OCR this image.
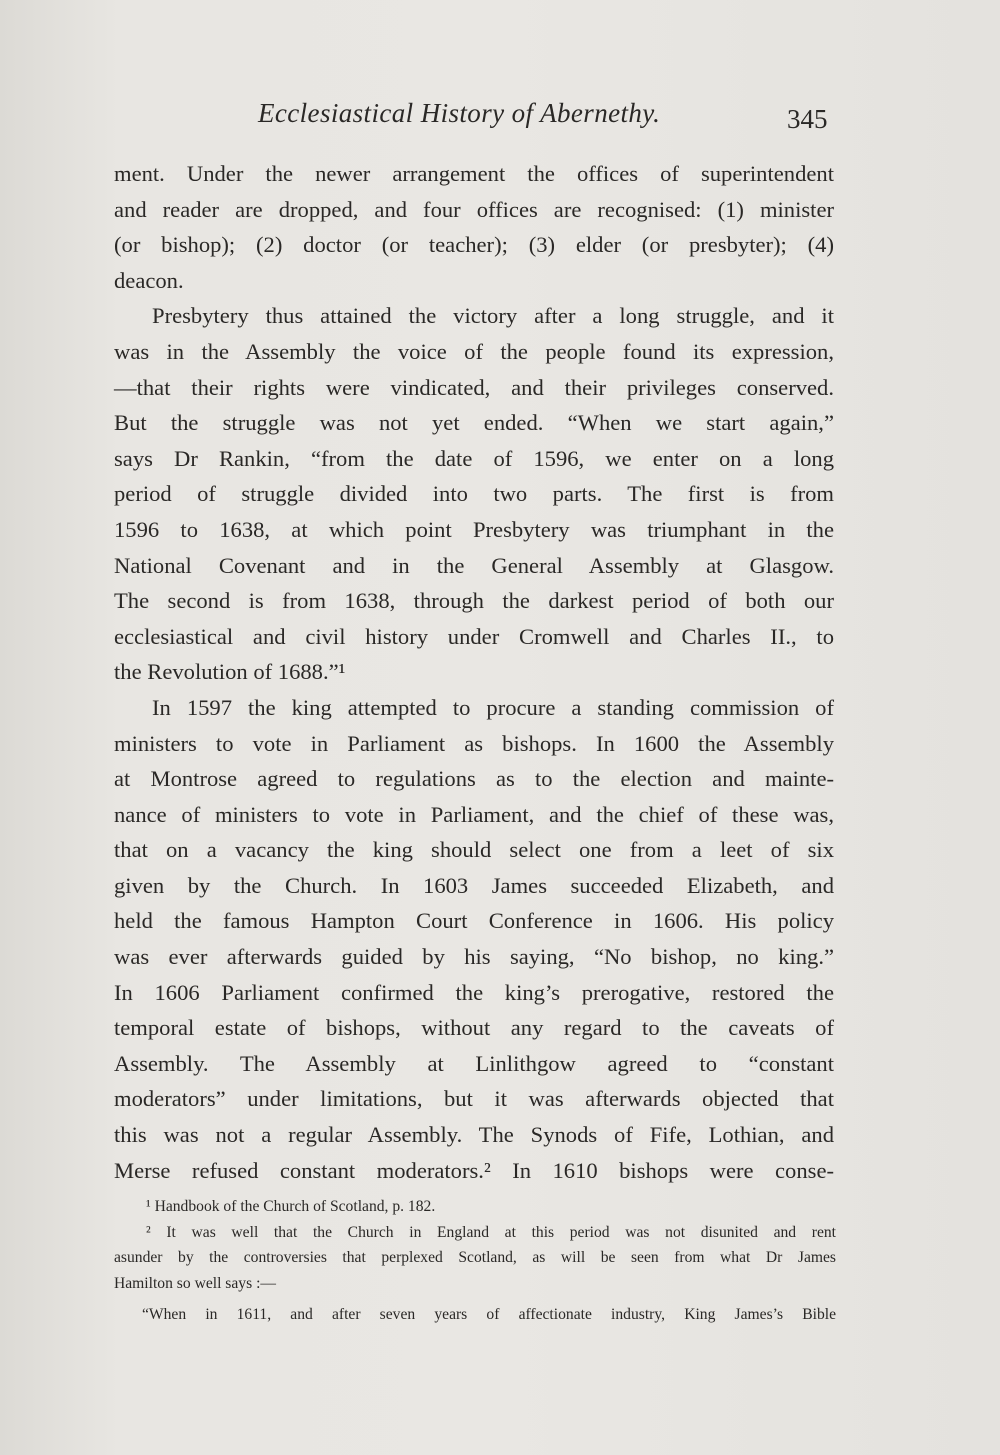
Ecclesiastical History of Abernethy.	345
ment. Under the newer arrangement the offices of superintendent
and reader are dropped, and four offices are recognised: (1) minister
(or bishop); (2) doctor (or teacher); (3) elder (or presbyter); (4)
deacon.
Presbytery thus attained the victory after a long struggle, and it
was in the Assembly the voice of the people found its expression,
—that their rights were vindicated, and their privileges conserved.
But the struggle was not yet ended. “When we start again,”
says Dr Rankin, “from the date of 1596, we enter on a long
period of struggle divided into two parts. The first is from
1596 to 1638, at which point Presbytery was triumphant in the
National Covenant and in the General Assembly at Glasgow.
The second is from 1638, through the darkest period of both our
ecclesiastical and civil history under Cromwell and Charles II., to
the Revolution of 1688.”¹
In 1597 the king attempted to procure a standing commission of
ministers to vote in Parliament as bishops. In 1600 the Assembly
at Montrose agreed to regulations as to the election and mainte-
nance of ministers to vote in Parliament, and the chief of these was,
that on a vacancy the king should select one from a leet of six
given by the Church. In 1603 James succeeded Elizabeth, and
held the famous Hampton Court Conference in 1606. His policy
was ever afterwards guided by his saying, “No bishop, no king.”
In 1606 Parliament confirmed the king’s prerogative, restored the
temporal estate of bishops, without any regard to the caveats of
Assembly. The Assembly at Linlithgow agreed to “constant
moderators” under limitations, but it was afterwards objected that
this was not a regular Assembly. The Synods of Fife, Lothian, and
Merse refused constant moderators.² In 1610 bishops were conse-
¹ Handbook of the Church of Scotland, p. 182.
² It was well that the Church in England at this period was not disunited and rent
asunder by the controversies that perplexed Scotland, as will be seen from what Dr James
Hamilton so well says :—
“When in 1611, and after seven years of affectionate industry, King James’s Bible
